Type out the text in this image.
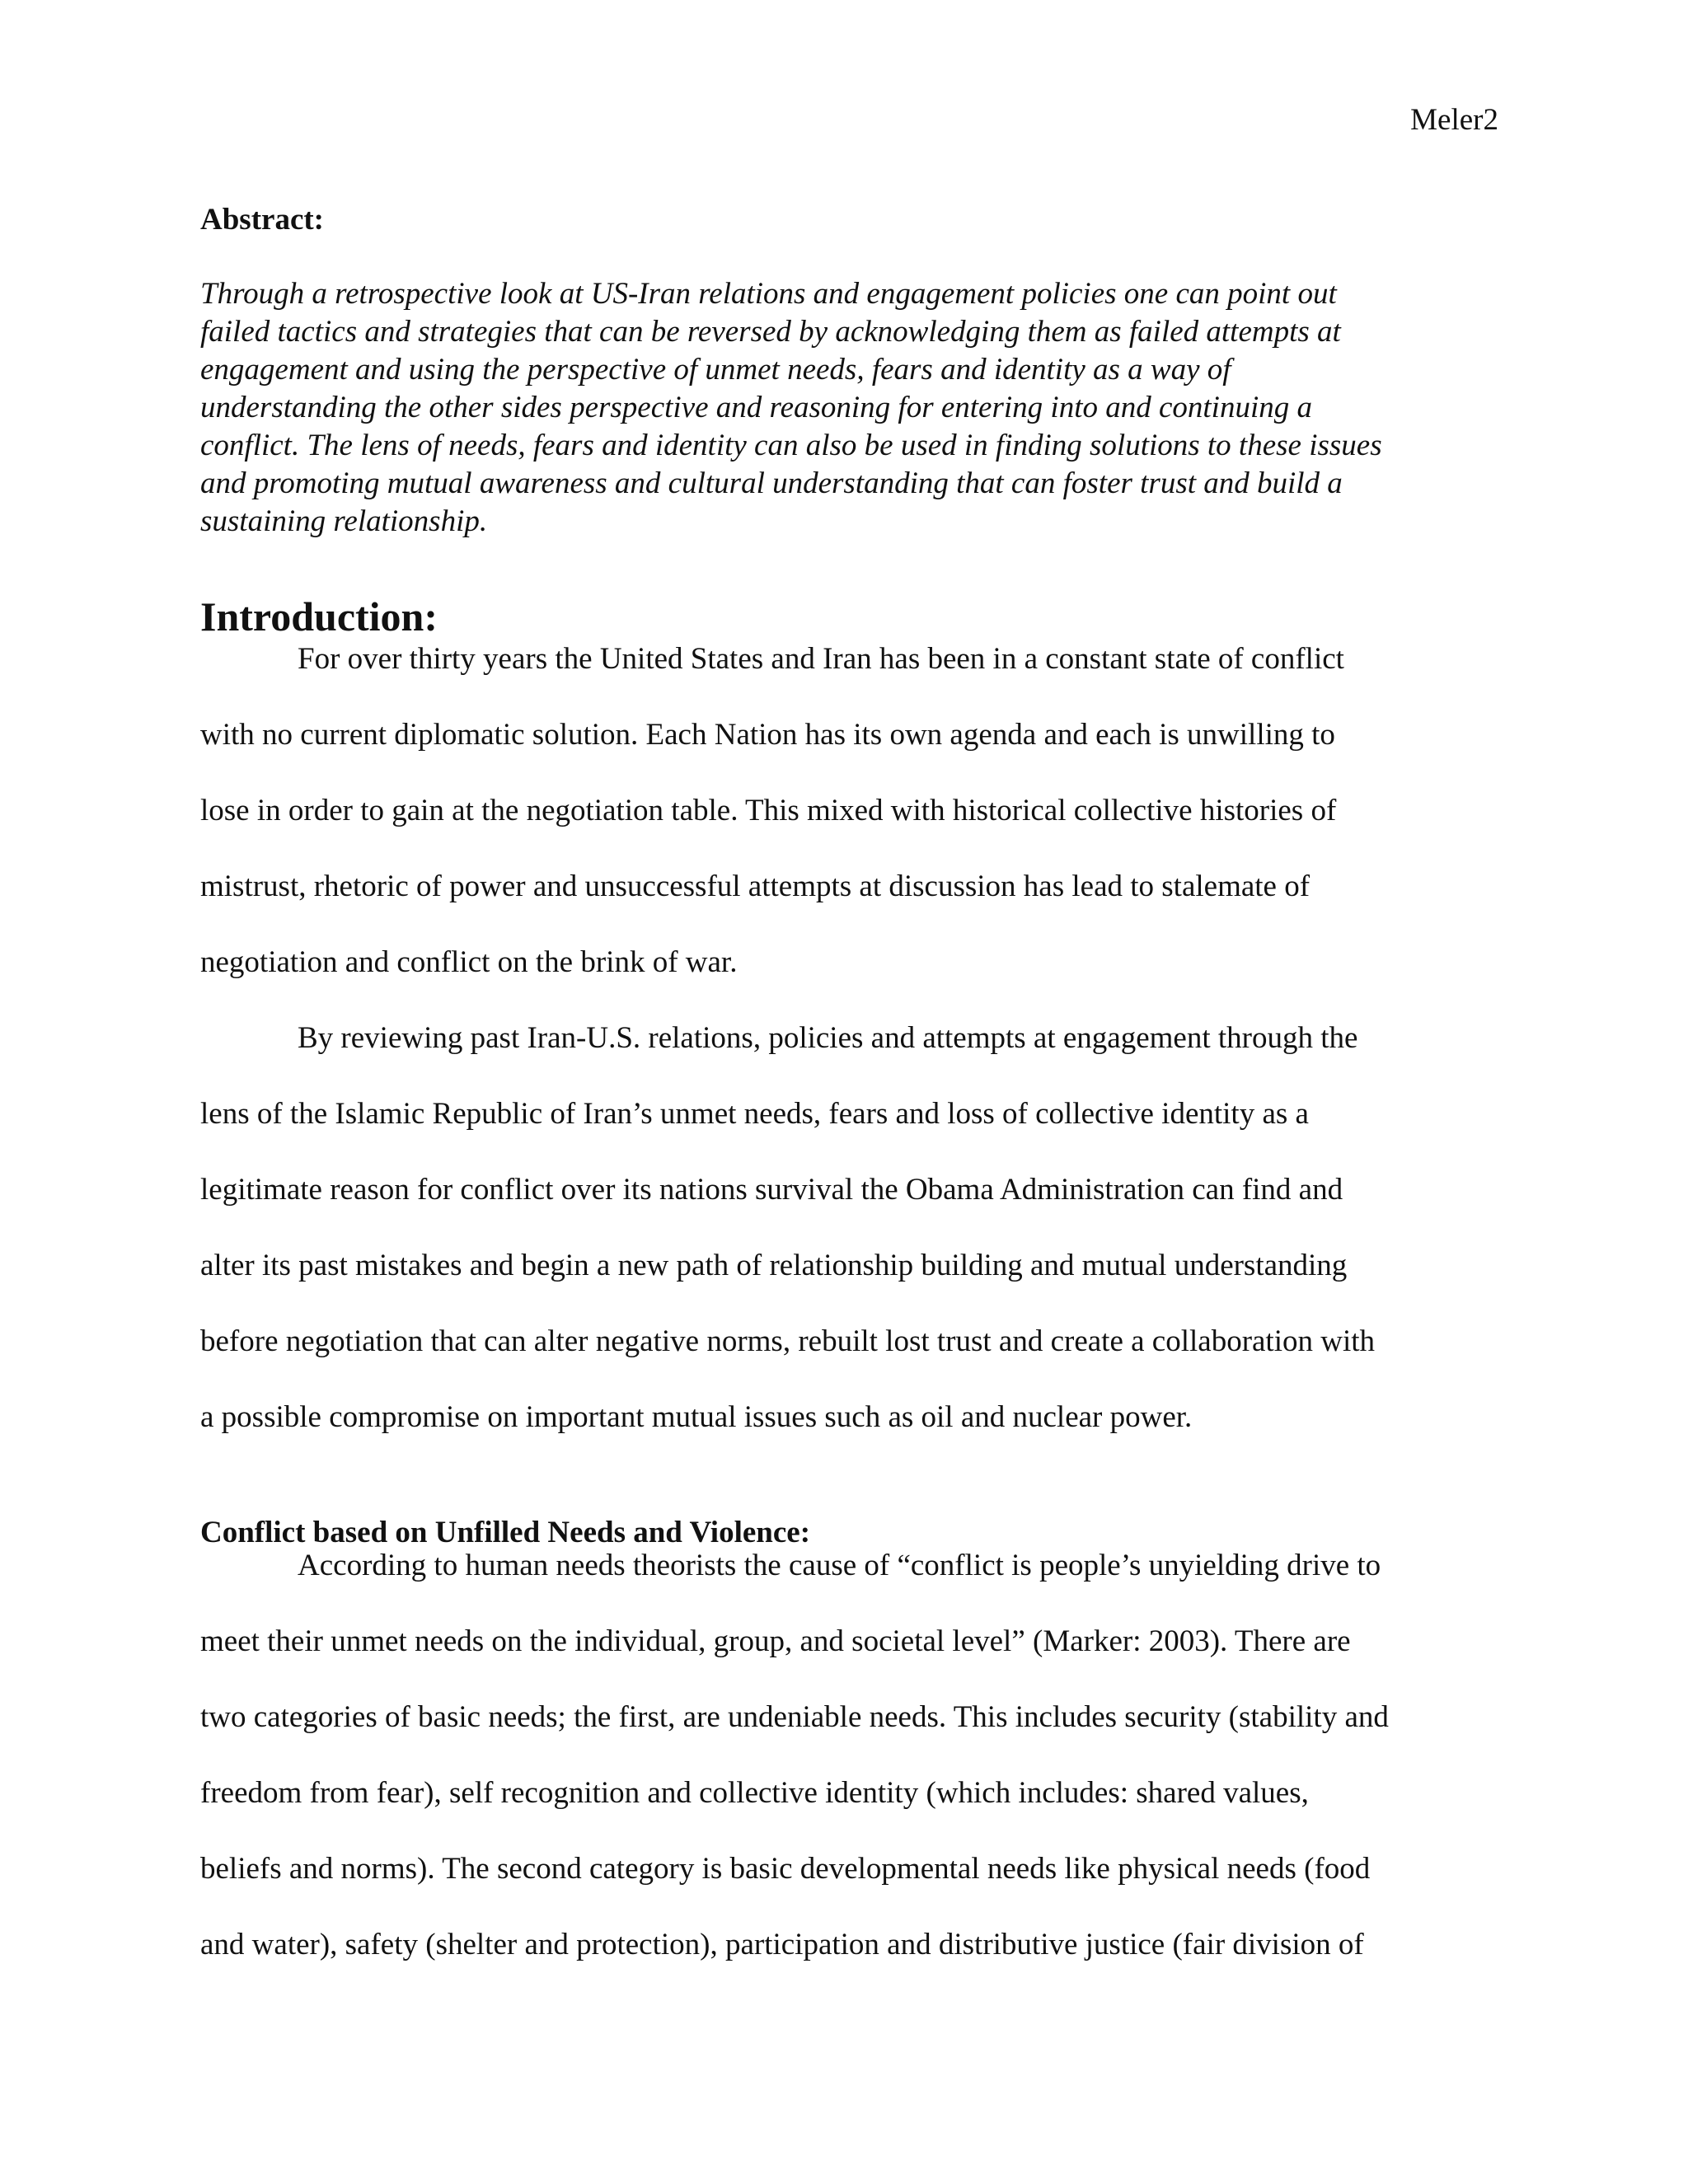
Meler2
Abstract:
Through a retrospective look at US-Iran relations and engagement policies one can point out
failed tactics and strategies that can be reversed by acknowledging them as failed attempts at
engagement and using the perspective of unmet needs, fears and identity as a way of
understanding the other sides perspective and reasoning for entering into and continuing a
conflict. The lens of needs, fears and identity can also be used in finding solutions to these issues
and promoting mutual awareness and cultural understanding that can foster trust and build a
sustaining relationship.
Introduction:
For over thirty years the United States and Iran has been in a constant state of conflict
with no current diplomatic solution. Each Nation has its own agenda and each is unwilling to
lose in order to gain at the negotiation table. This mixed with historical collective histories of
mistrust, rhetoric of power and unsuccessful attempts at discussion has lead to stalemate of
negotiation and conflict on the brink of war.
By reviewing past Iran-U.S. relations, policies and attempts at engagement through the
lens of the Islamic Republic of Iran’s unmet needs, fears and loss of collective identity as a
legitimate reason for conflict over its nations survival the Obama Administration can find and
alter its past mistakes and begin a new path of relationship building and mutual understanding
before negotiation that can alter negative norms, rebuilt lost trust and create a collaboration with
a possible compromise on important mutual issues such as oil and nuclear power.
Conflict based on Unfilled Needs and Violence:
According to human needs theorists the cause of “conflict is people’s unyielding drive to
meet their unmet needs on the individual, group, and societal level” (Marker: 2003). There are
two categories of basic needs; the first, are undeniable needs. This includes security (stability and
freedom from fear), self recognition and collective identity (which includes: shared values,
beliefs and norms). The second category is basic developmental needs like physical needs (food
and water), safety (shelter and protection), participation and distributive justice (fair division of
